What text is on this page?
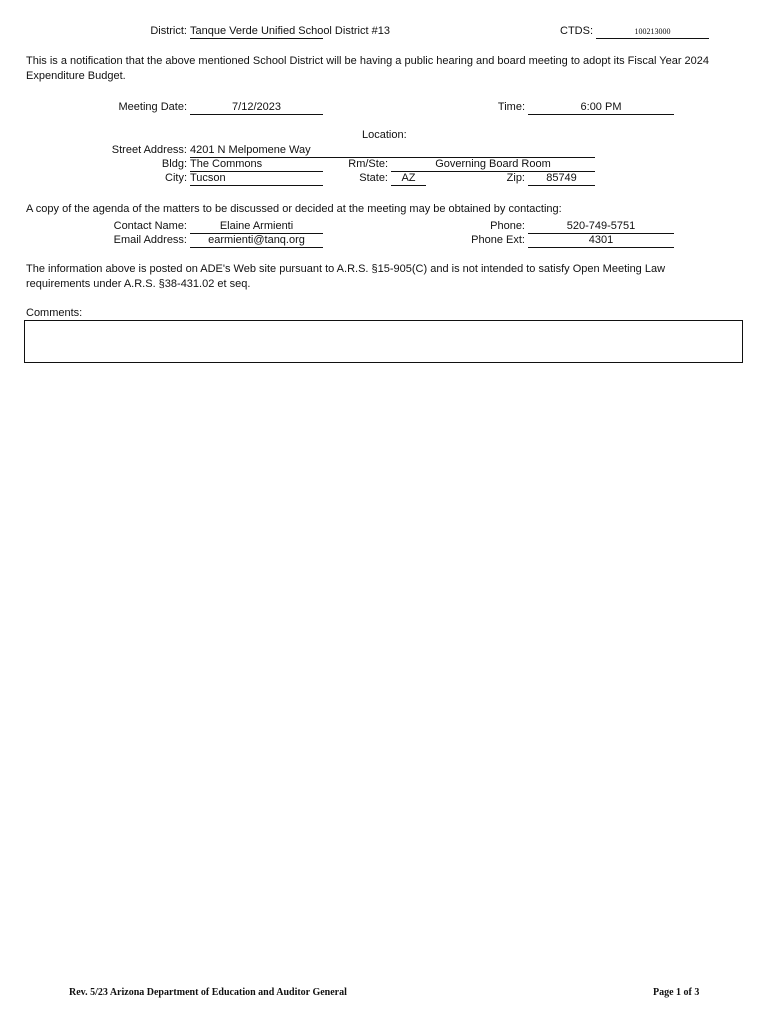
District: Tanque Verde Unified School District #13	CTDS:	100213000
This is a notification that the above mentioned School District will be having a public hearing and board meeting to adopt its Fiscal Year 2024 Expenditure Budget.
Meeting Date:	7/12/2023	Time:	6:00 PM
Location:
Street Address: 4201 N Melpomene Way
Bldg: The Commons	Rm/Ste:	Governing Board Room
City: Tucson	State:	AZ	Zip:	85749
A copy of the agenda of the matters to be discussed or decided at the meeting may be obtained by contacting:
Contact Name:	Elaine Armienti	Phone:	520-749-5751
Email Address:	earmienti@tanq.org	Phone Ext:	4301
The information above is posted on ADE's Web site pursuant to A.R.S. §15-905(C) and is not intended to satisfy Open Meeting Law requirements under A.R.S. §38-431.02 et seq.
Comments:
Rev. 5/23 Arizona Department of Education and Auditor General	Page 1 of 3
